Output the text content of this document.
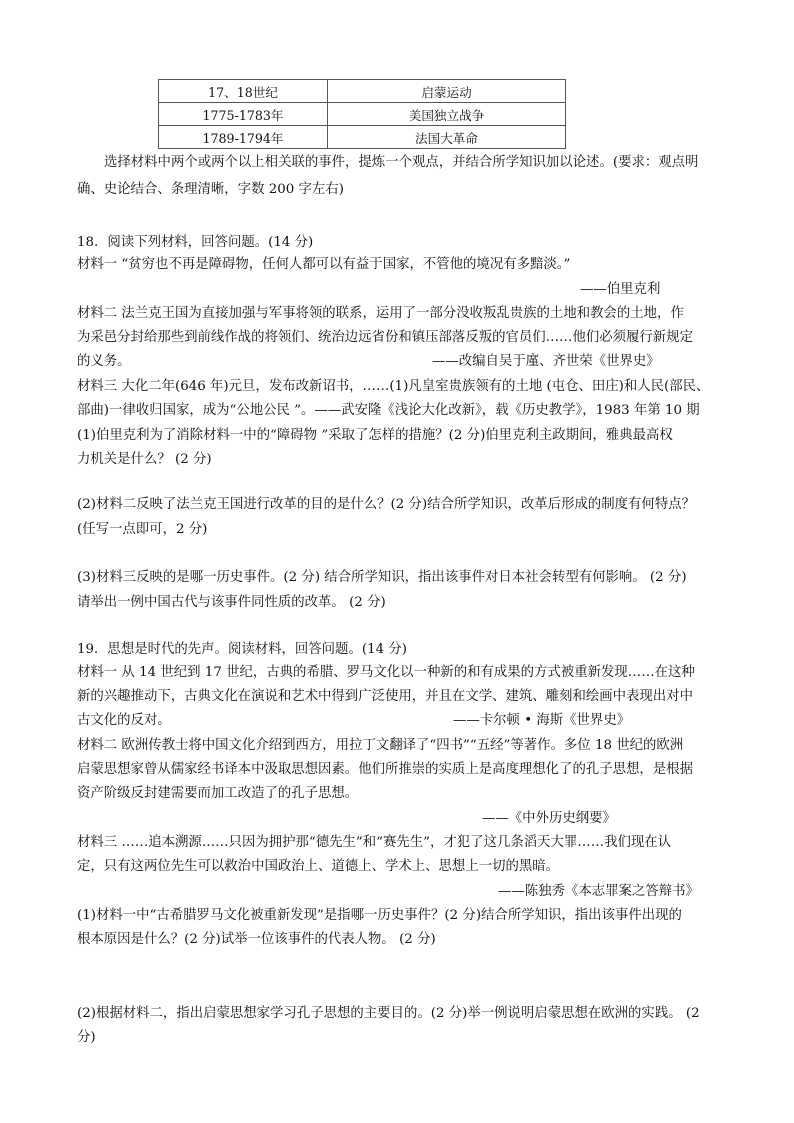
17、18世纪	启蒙运动
1775-1783年	美国独立战争
1789-1794年	法国大革命
选择材料中两个或两个以上相关联的事件，提炼一个观点，并结合所学知识加以论述。(要求：观点明
确、史论结合、条理清晰，字数 200 字左右)
18．阅读下列材料，回答问题。(14 分)
材料一 “贫穷也不再是障碍物，任何人都可以有益于国家，不管他的境况有多黯淡。”
——伯里克利
材料二 法兰克王国为直接加强与军事将领的联系，运用了一部分没收叛乱贵族的土地和教会的土地，作
为采邑分封给那些到前线作战的将领们、统治边远省份和镇压部落反叛的官员们……他们必须履行新规定
的义务。	——改编自吴于廑、齐世荣《世界史》
材料三 大化二年(646 年)元旦，发布改新诏书，……(1)凡皇室贵族领有的土地 (屯仓、田庄)和人民(部民、
部曲)一律收归国家，成为“公地公民 ”。——武安隆《浅论大化改新》，载《历史教学》，1983 年第 10 期
(1)伯里克利为了消除材料一中的“障碍物 ”采取了怎样的措施？(2 分)伯里克利主政期间，雅典最高权
力机关是什么？ (2 分)
(2)材料二反映了法兰克王国进行改革的目的是什么？(2 分)结合所学知识，改革后形成的制度有何特点？
(任写一点即可，2 分)
(3)材料三反映的是哪一历史事件。(2 分) 结合所学知识，指出该事件对日本社会转型有何影响。 (2 分)
请举出一例中国古代与该事件同性质的改革。 (2 分)
19．思想是时代的先声。阅读材料，回答问题。(14 分)
材料一 从 14 世纪到 17 世纪，古典的希腊、罗马文化以一种新的和有成果的方式被重新发现……在这种
新的兴趣推动下，古典文化在演说和艺术中得到广泛使用，并且在文学、建筑、雕刻和绘画中表现出对中
古文化的反对。	——卡尔顿 • 海斯《世界史》
材料二 欧洲传教士将中国文化介绍到西方，用拉丁文翻译了“四书”“五经”等著作。多位 18 世纪的欧洲
启蒙思想家曾从儒家经书译本中汲取思想因素。他们所推崇的实质上是高度理想化了的孔子思想，是根据
资产阶级反封建需要而加工改造了的孔子思想。
——《中外历史纲要》
材料三 ……追本溯源……只因为拥护那“德先生”和“赛先生”，才犯了这几条滔天大罪……我们现在认
定，只有这两位先生可以救治中国政治上、道德上、学术上、思想上一切的黑暗。
——陈独秀《本志罪案之答辩书》
(1)材料一中“古希腊罗马文化被重新发现”是指哪一历史事件？(2 分)结合所学知识，指出该事件出现的
根本原因是什么？(2 分)试举一位该事件的代表人物。 (2 分)
(2)根据材料二，指出启蒙思想家学习孔子思想的主要目的。(2 分)举一例说明启蒙思想在欧洲的实践。 (2
分)
